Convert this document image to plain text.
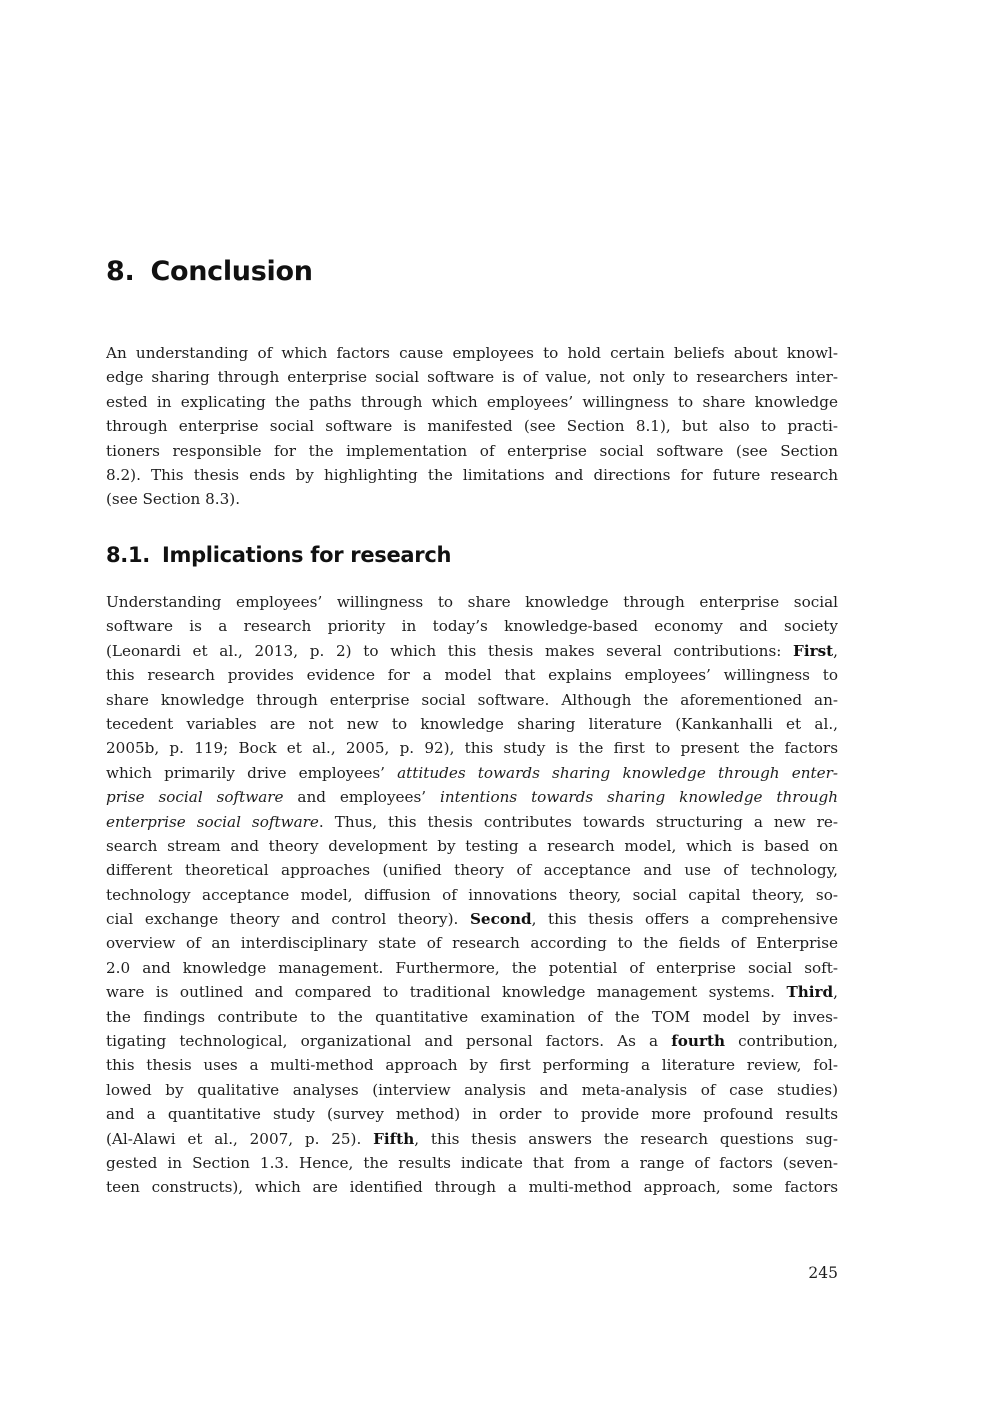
8. Conclusion
An understanding of which factors cause employees to hold certain beliefs about knowl-
edge sharing through enterprise social software is of value, not only to researchers inter-
ested in explicating the paths through which employees’ willingness to share knowledge
through enterprise social software is manifested (see Section 8.1), but also to practi-
tioners responsible for the implementation of enterprise social software (see Section
8.2). This thesis ends by highlighting the limitations and directions for future research
(see Section 8.3).
8.1. Implications for research
Understanding employees’ willingness to share knowledge through enterprise social
software is a research priority in today’s knowledge-based economy and society
(Leonardi et al., 2013, p. 2) to which this thesis makes several contributions: First,
this research provides evidence for a model that explains employees’ willingness to
share knowledge through enterprise social software. Although the aforementioned an-
tecedent variables are not new to knowledge sharing literature (Kankanhalli et al.,
2005b, p. 119; Bock et al., 2005, p. 92), this study is the first to present the factors
which primarily drive employees’ attitudes towards sharing knowledge through enter-
prise social software and employees’ intentions towards sharing knowledge through
enterprise social software. Thus, this thesis contributes towards structuring a new re-
search stream and theory development by testing a research model, which is based on
different theoretical approaches (unified theory of acceptance and use of technology,
technology acceptance model, diffusion of innovations theory, social capital theory, so-
cial exchange theory and control theory). Second, this thesis offers a comprehensive
overview of an interdisciplinary state of research according to the fields of Enterprise
2.0 and knowledge management. Furthermore, the potential of enterprise social soft-
ware is outlined and compared to traditional knowledge management systems. Third,
the findings contribute to the quantitative examination of the TOM model by inves-
tigating technological, organizational and personal factors. As a fourth contribution,
this thesis uses a multi-method approach by first performing a literature review, fol-
lowed by qualitative analyses (interview analysis and meta-analysis of case studies)
and a quantitative study (survey method) in order to provide more profound results
(Al-Alawi et al., 2007, p. 25). Fifth, this thesis answers the research questions sug-
gested in Section 1.3. Hence, the results indicate that from a range of factors (seven-
teen constructs), which are identified through a multi-method approach, some factors
245
